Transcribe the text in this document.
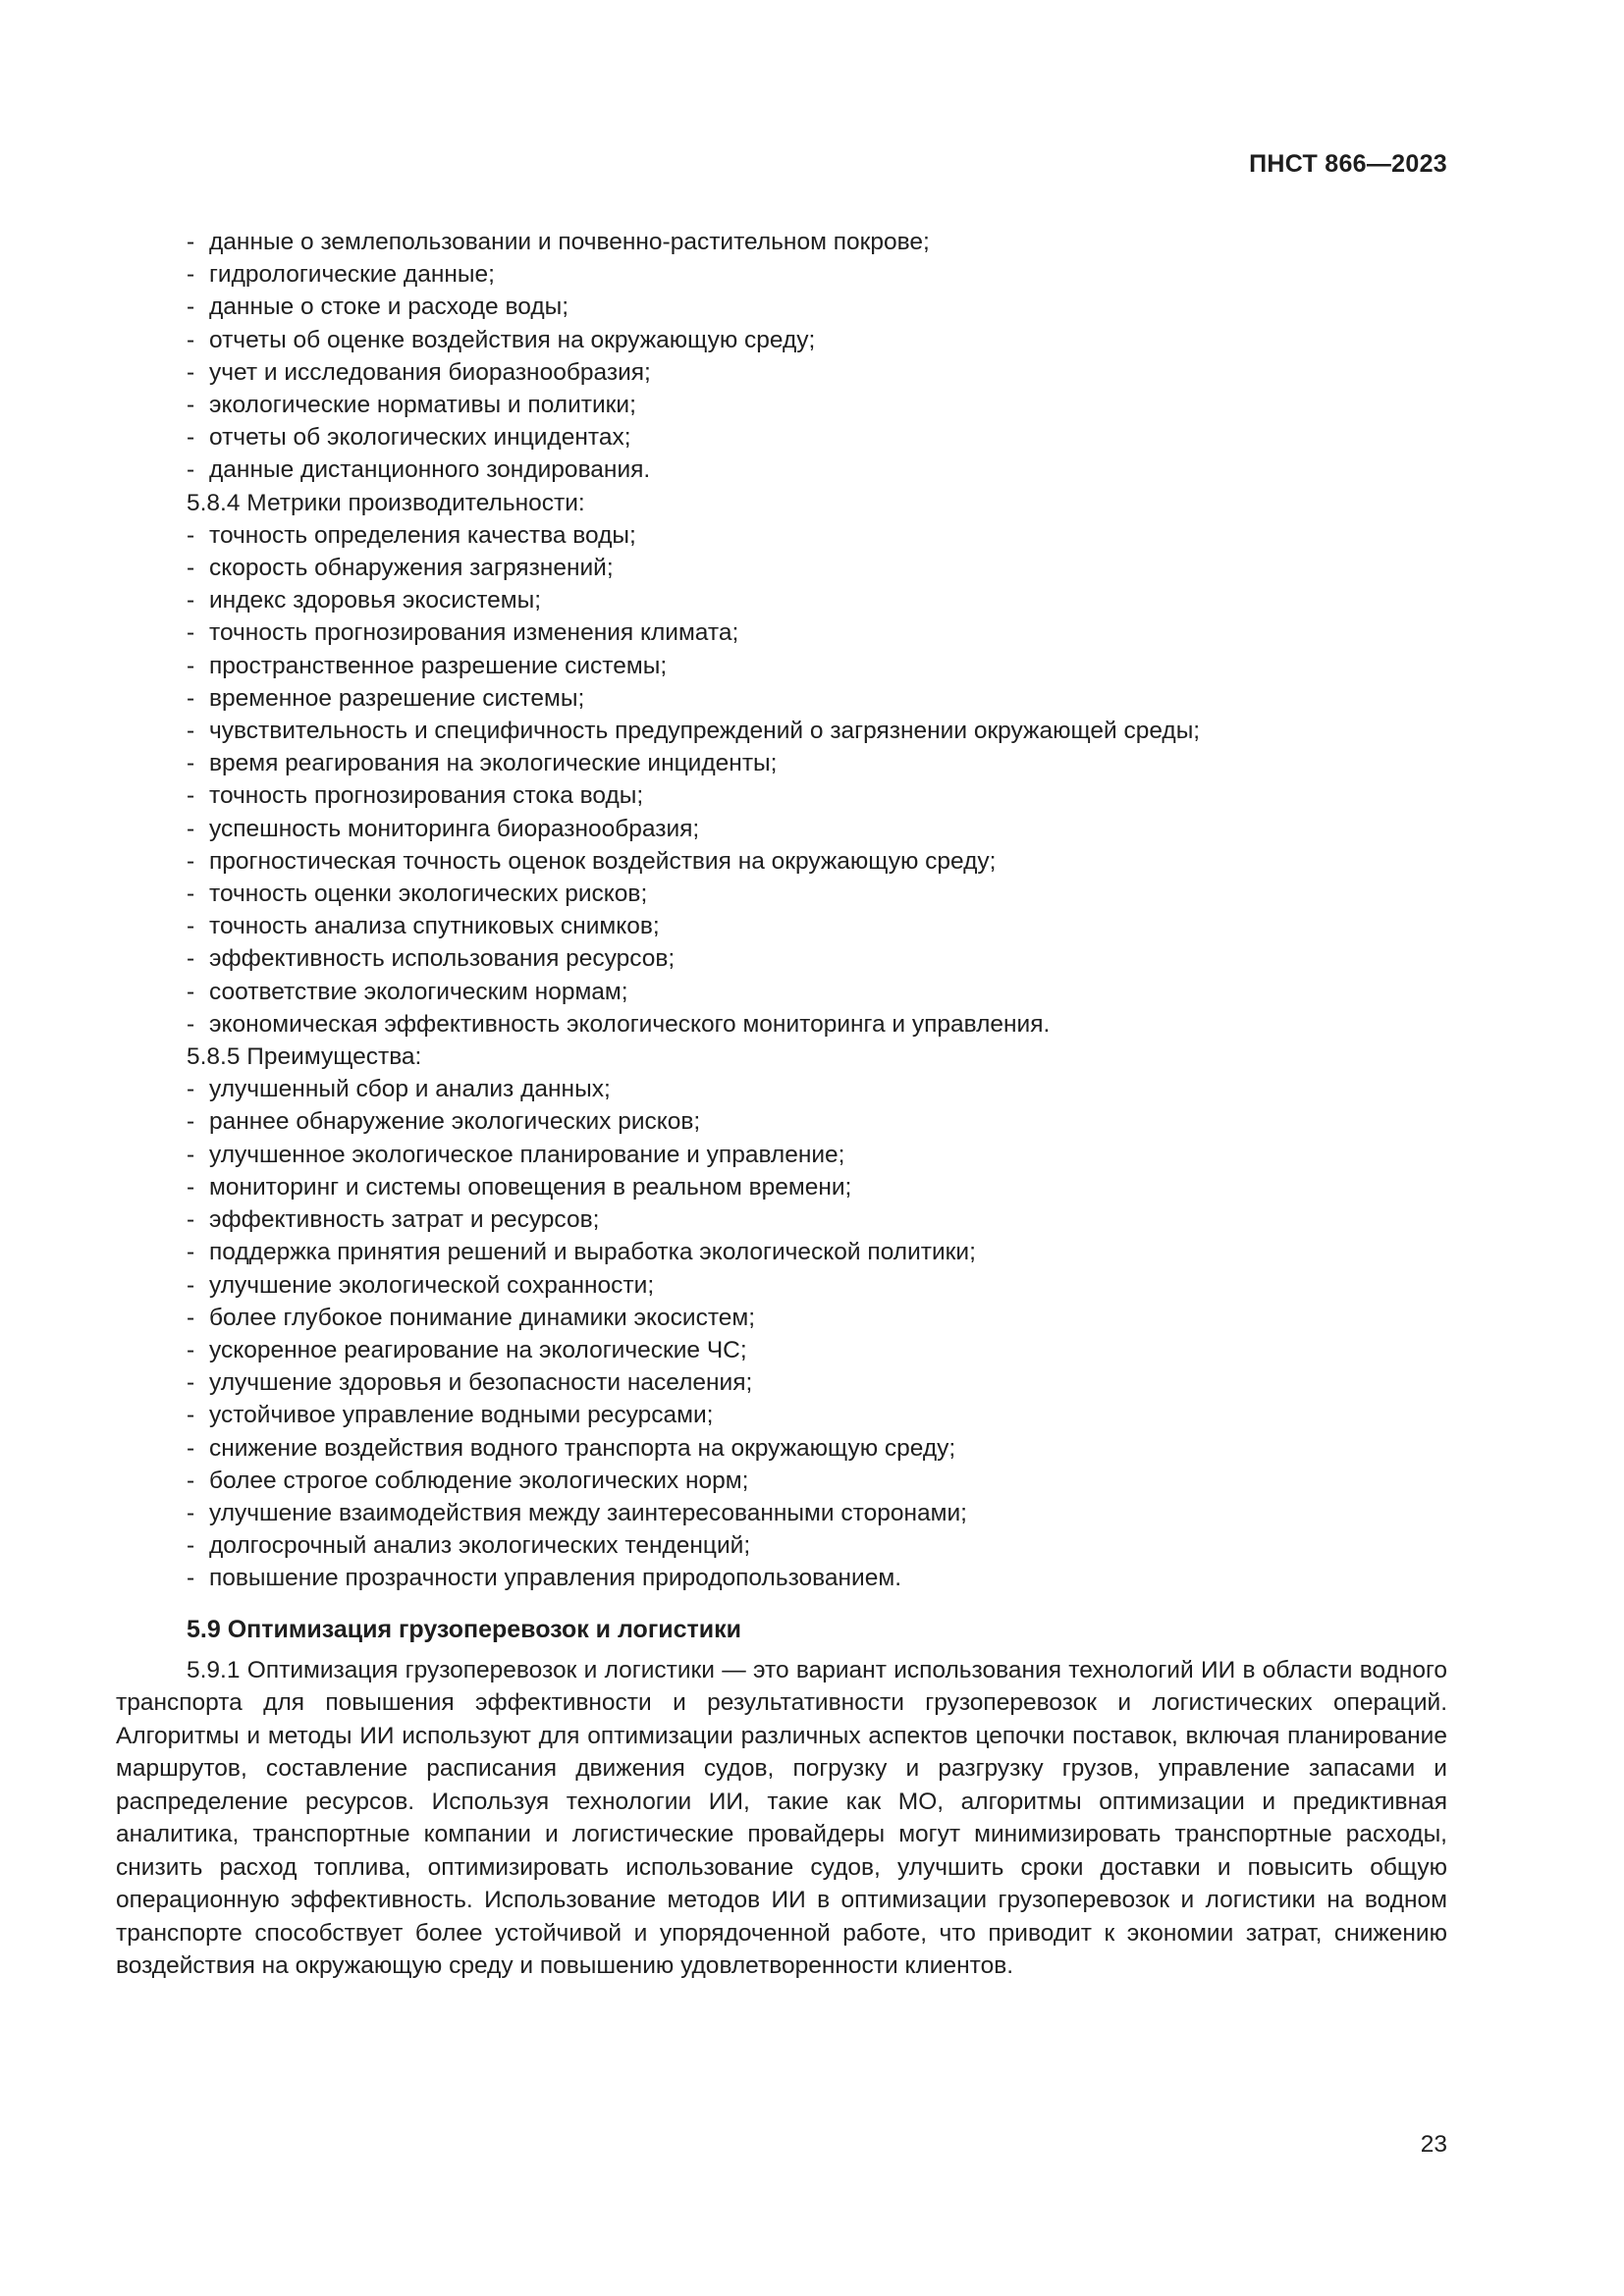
ПНСТ 866—2023
- данные о землепользовании и почвенно-растительном покрове;
- гидрологические данные;
- данные о стоке и расходе воды;
- отчеты об оценке воздействия на окружающую среду;
- учет и исследования биоразнообразия;
- экологические нормативы и политики;
- отчеты об экологических инцидентах;
- данные дистанционного зондирования.
5.8.4 Метрики производительности:
- точность определения качества воды;
- скорость обнаружения загрязнений;
- индекс здоровья экосистемы;
- точность прогнозирования изменения климата;
- пространственное разрешение системы;
- временное разрешение системы;
- чувствительность и специфичность предупреждений о загрязнении окружающей среды;
- время реагирования на экологические инциденты;
- точность прогнозирования стока воды;
- успешность мониторинга биоразнообразия;
- прогностическая точность оценок воздействия на окружающую среду;
- точность оценки экологических рисков;
- точность анализа спутниковых снимков;
- эффективность использования ресурсов;
- соответствие экологическим нормам;
- экономическая эффективность экологического мониторинга и управления.
5.8.5 Преимущества:
- улучшенный сбор и анализ данных;
- раннее обнаружение экологических рисков;
- улучшенное экологическое планирование и управление;
- мониторинг и системы оповещения в реальном времени;
- эффективность затрат и ресурсов;
- поддержка принятия решений и выработка экологической политики;
- улучшение экологической сохранности;
- более глубокое понимание динамики экосистем;
- ускоренное реагирование на экологические ЧС;
- улучшение здоровья и безопасности населения;
- устойчивое управление водными ресурсами;
- снижение воздействия водного транспорта на окружающую среду;
- более строгое соблюдение экологических норм;
- улучшение взаимодействия между заинтересованными сторонами;
- долгосрочный анализ экологических тенденций;
- повышение прозрачности управления природопользованием.
5.9 Оптимизация грузоперевозок и логистики
5.9.1 Оптимизация грузоперевозок и логистики — это вариант использования технологий ИИ в области водного транспорта для повышения эффективности и результативности грузоперевозок и логистических операций. Алгоритмы и методы ИИ используют для оптимизации различных аспектов цепочки поставок, включая планирование маршрутов, составление расписания движения судов, погрузку и разгрузку грузов, управление запасами и распределение ресурсов. Используя технологии ИИ, такие как МО, алгоритмы оптимизации и предиктивная аналитика, транспортные компании и логистические провайдеры могут минимизировать транспортные расходы, снизить расход топлива, оптимизировать использование судов, улучшить сроки доставки и повысить общую операционную эффективность. Использование методов ИИ в оптимизации грузоперевозок и логистики на водном транспорте способствует более устойчивой и упорядоченной работе, что приводит к экономии затрат, снижению воздействия на окружающую среду и повышению удовлетворенности клиентов.
23
